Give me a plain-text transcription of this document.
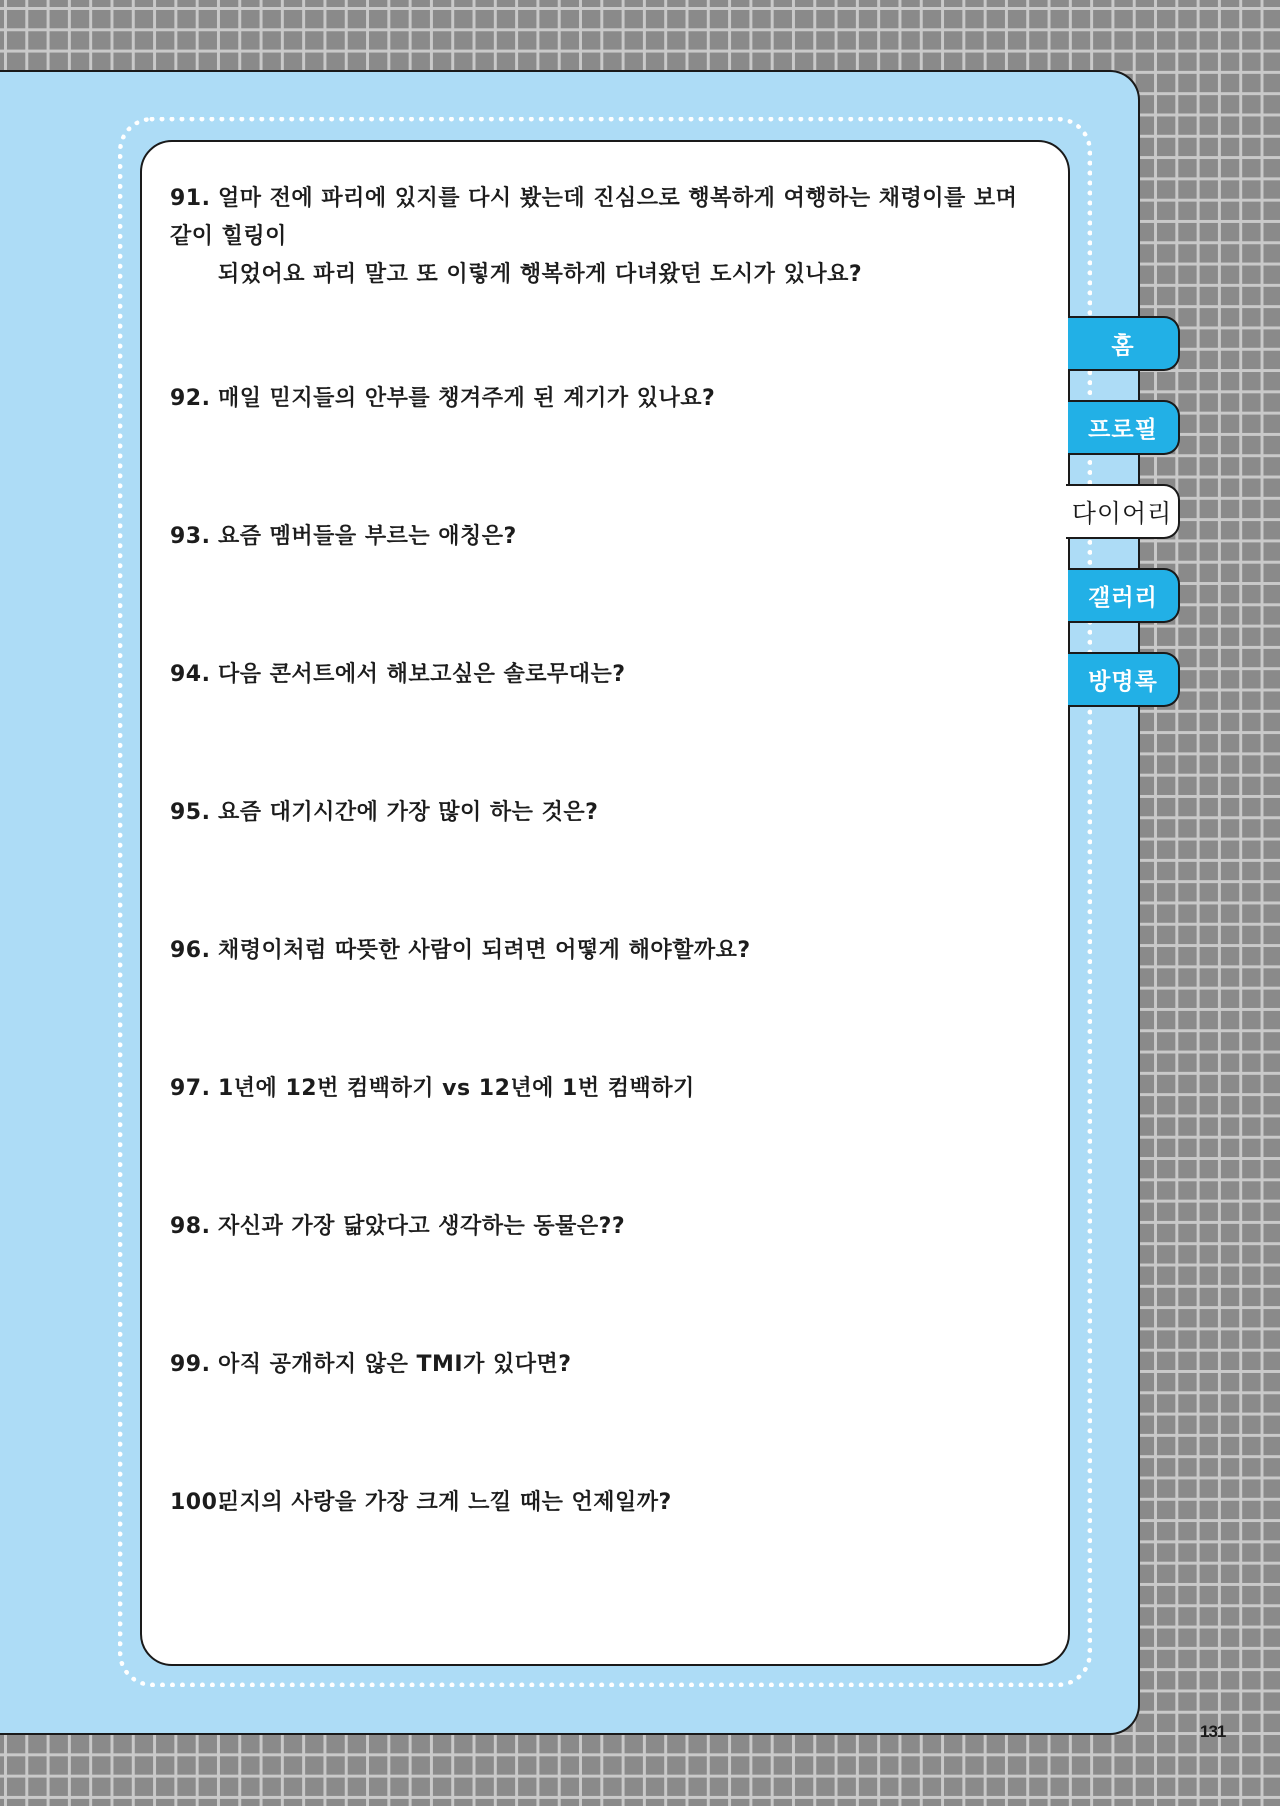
91. 얼마 전에 파리에 있지를 다시 봤는데 진심으로 행복하게 여행하는 채령이를 보며 같이 힐링이
되었어요 파리 말고 또 이렇게 행복하게 다녀왔던 도시가 있나요?
92. 매일 믿지들의 안부를 챙겨주게 된 계기가 있나요?
93. 요즘 멤버들을 부르는 애칭은?
94. 다음 콘서트에서 해보고싶은 솔로무대는?
95. 요즘 대기시간에 가장 많이 하는 것은?
96. 채령이처럼 따뜻한 사람이 되려면 어떻게 해야할까요?
97. 1년에 12번 컴백하기 vs 12년에 1번 컴백하기
98. 자신과 가장 닮았다고 생각하는 동물은??
99. 아직 공개하지 않은 TMI가 있다면?
100.믿지의 사랑을 가장 크게 느낄 때는 언제일까?
홈
프로필
다이어리
갤러리
방명록
131
